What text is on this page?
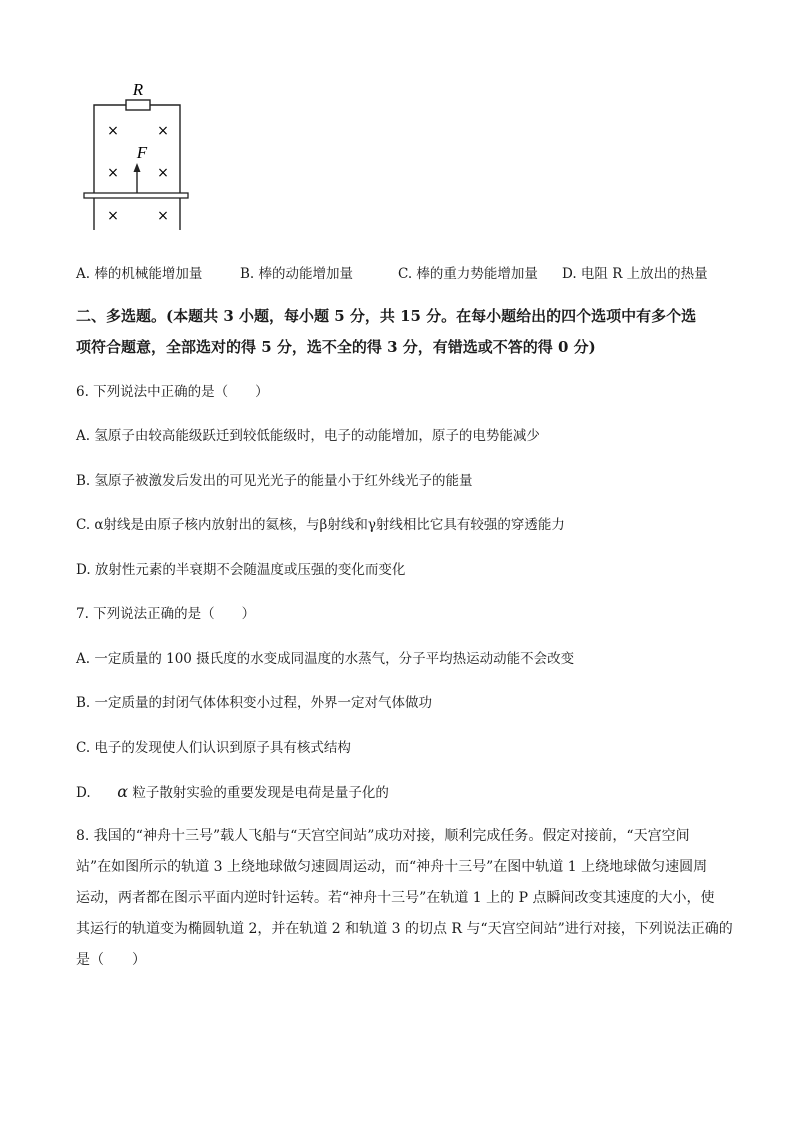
R
×	×
×	×
×	×
F
A. 棒的机械能增加量	B. 棒的动能增加量	C. 棒的重力势能增加量 D. 电阻 R 上放出的热量
二、多选题。(本题共 3 小题，每小题 5 分，共 15 分。在每小题给出的四个选项中有多个选
项符合题意，全部选对的得 5 分，选不全的得 3 分，有错选或不答的得 0 分)
6. 下列说法中正确的是（　　）
A. 氢原子由较高能级跃迁到较低能级时，电子的动能增加，原子的电势能减少
B. 氢原子被激发后发出的可见光光子的能量小于红外线光子的能量
C. α射线是由原子核内放射出的氦核，与β射线和γ射线相比它具有较强的穿透能力
D. 放射性元素的半衰期不会随温度或压强的变化而变化
7. 下列说法正确的是（　　）
A. 一定质量的 100 摄氏度的水变成同温度的水蒸气，分子平均热运动动能不会改变
B. 一定质量的封闭气体体积变小过程，外界一定对气体做功
C. 电子的发现使人们认识到原子具有核式结构
D. α 粒子散射实验的重要发现是电荷是量子化的
8. 我国的“神舟十三号”载人飞船与“天宫空间站”成功对接，顺利完成任务。假定对接前，“天宫空间
站”在如图所示的轨道 3 上绕地球做匀速圆周运动，而“神舟十三号”在图中轨道 1 上绕地球做匀速圆周
运动，两者都在图示平面内逆时针运转。若“神舟十三号”在轨道 1 上的 P 点瞬间改变其速度的大小，使
其运行的轨道变为椭圆轨道 2，并在轨道 2 和轨道 3 的切点 R 与“天宫空间站”进行对接，下列说法正确的
是（　　）
